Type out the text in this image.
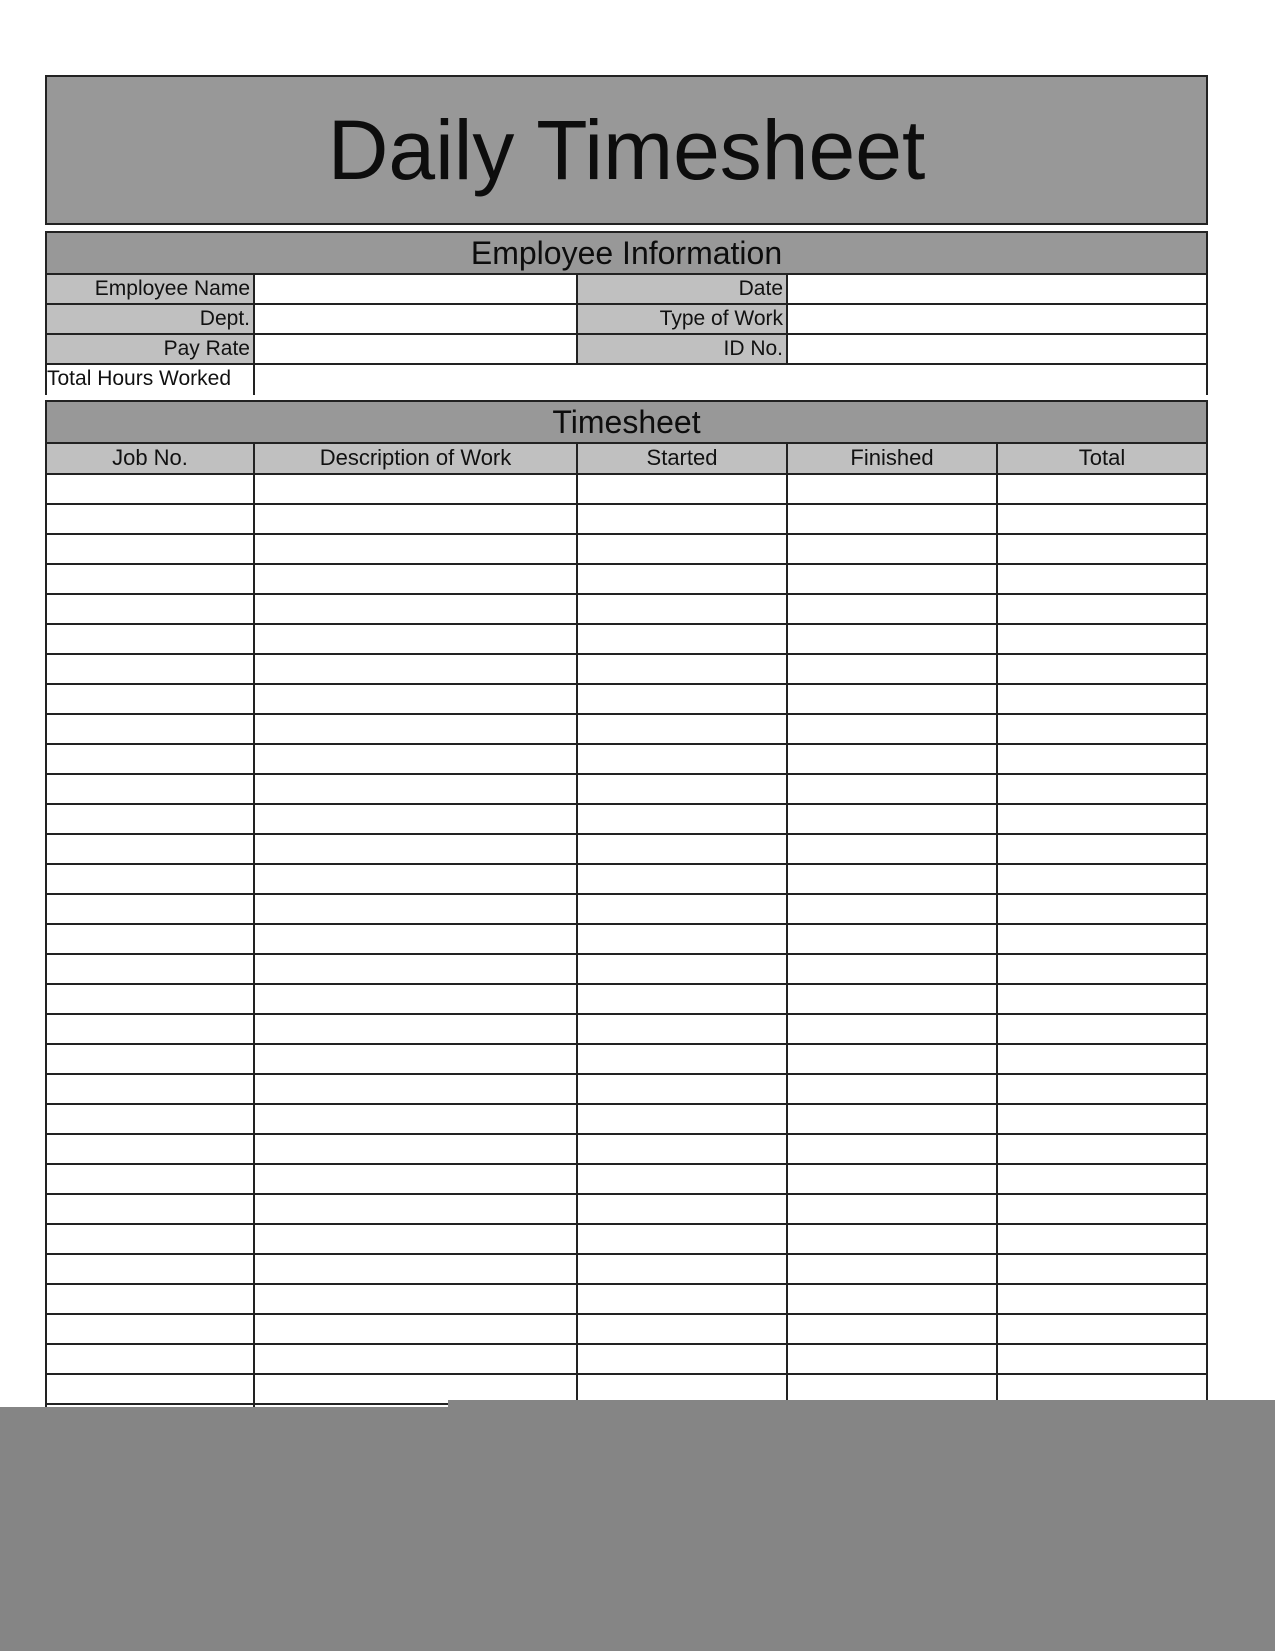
Daily Timesheet
Employee Information
Employee Name	Date
Dept.	Type of Work
Pay Rate	ID No.
Total Hours Worked
Timesheet
Job No.	Description of Work	Started	Finished	Total
